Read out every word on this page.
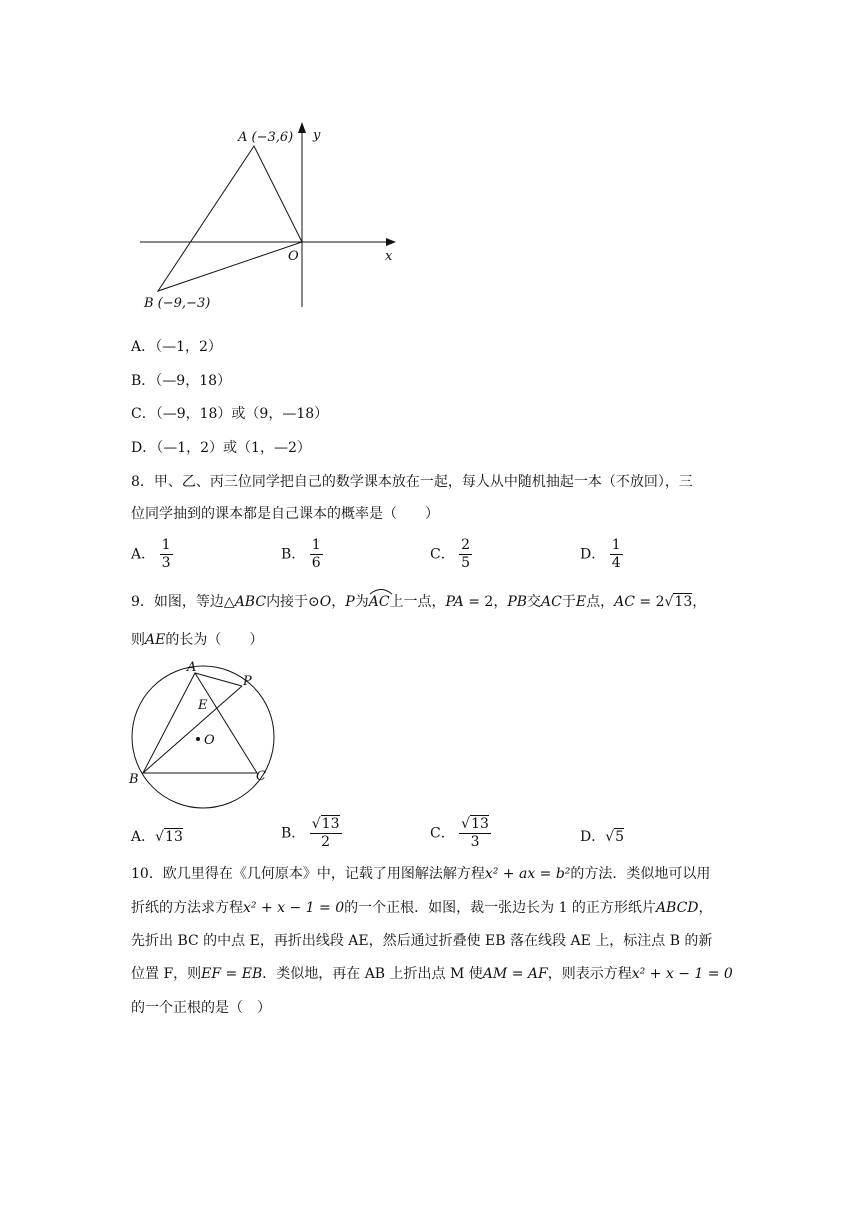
A (−3,6)
B (−9,−3)
O	x
y
A．（—1，2）
B．（—9，18）
C．（—9，18）或（9，—18）
D．（—1，2）或（1，—2）
8．甲、乙、丙三位同学把自己的数学课本放在一起，每人从中随机抽起一本（不放回），三
位同学抽到的课本都是自己课本的概率是（　　）
A． $\frac{1}{3}$	B． $\frac{1}{6}$	C． $\frac{2}{5}$	D． $\frac{1}{4}$
9．如图，等边△ABC内接于⊙O，P为
AC上一点，PA = 2，PB交AC于E点，AC = 2√13，
则AE的长为（　　）
A
P
E
O
B	C
A．√13	B． $\frac{√13}{2}$	C． $\frac{√13}{3}$	D．√5
10．欧几里得在《几何原本》中，记载了用图解法解方程x² + ax = b²的方法．类似地可以用
折纸的方法求方程x² + x − 1 = 0的一个正根．如图，裁一张边长为 1 的正方形纸片ABCD，
先折出 BC 的中点 E，再折出线段 AE，然后通过折叠使 EB 落在线段 AE 上，标注点 B 的新
位置 F，则EF = EB．类似地，再在 AB 上折出点 M 使AM = AF，则表示方程x² + x − 1 = 0
的一个正根的是（　）
